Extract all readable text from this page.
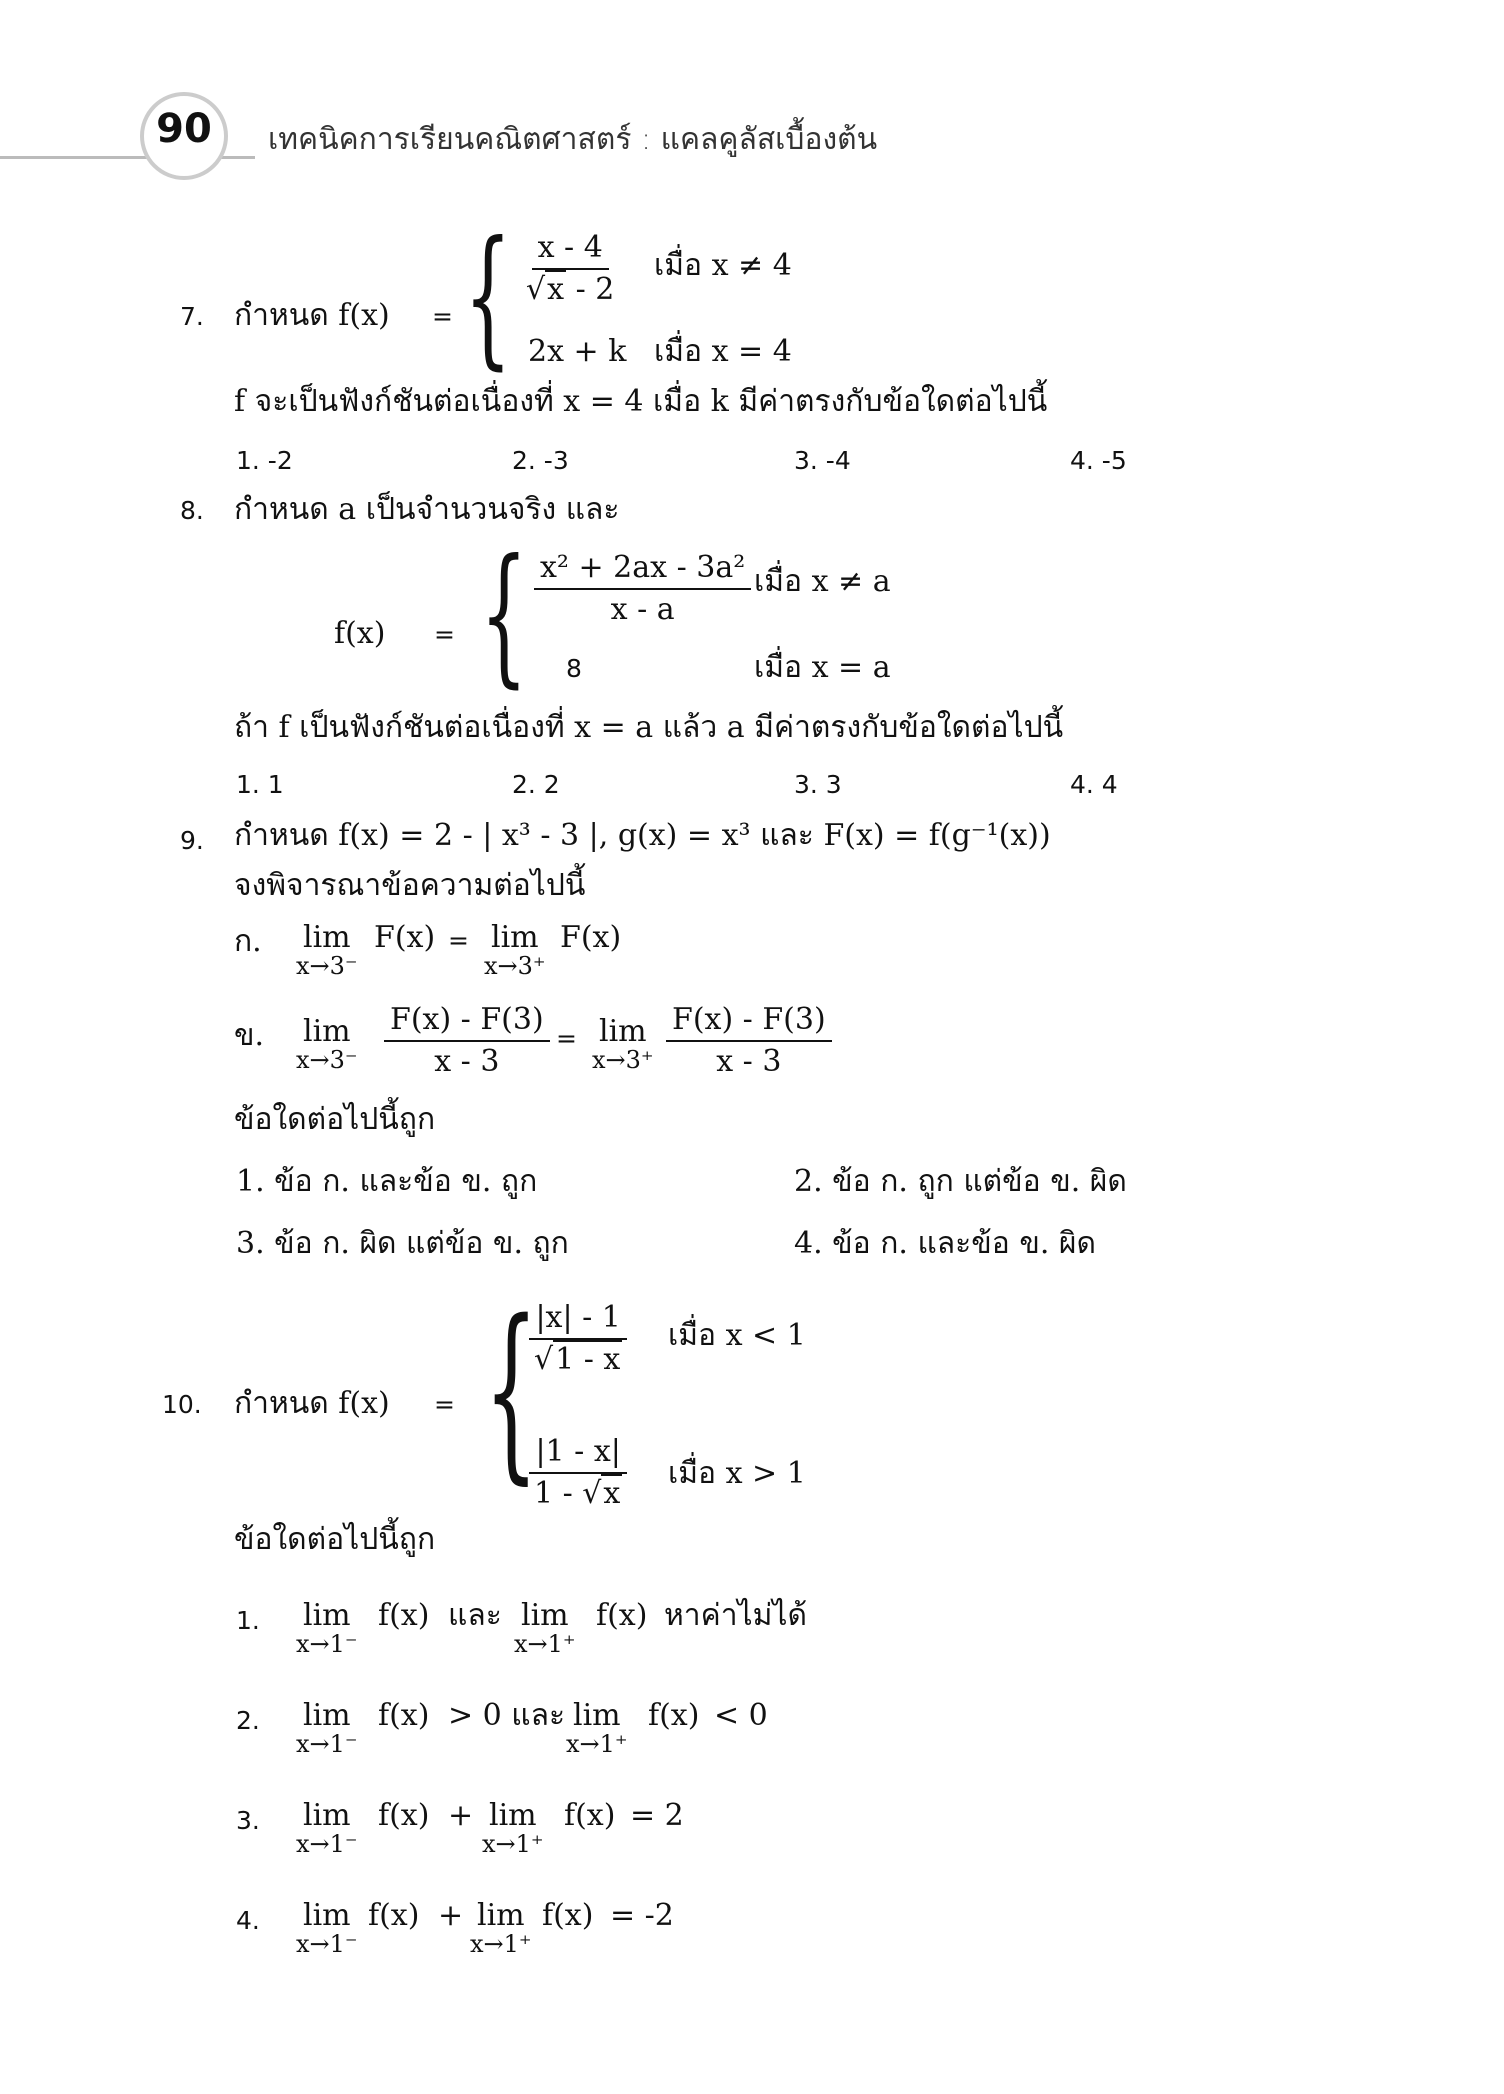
90	เทคนิคการเรียนคณิตศาสตร์ : แคลคูลัสเบื้องต้น
7. กำหนด f(x) = { $\frac{x - 4}{√x - 2}$ เมื่อ x ≠ 4
2x + k เมื่อ x = 4
f จะเป็นฟังก์ชันต่อเนื่องที่ x = 4 เมื่อ k มีค่าตรงกับข้อใดต่อไปนี้
1. -2	2. -3	3. -4	4. -5
8. กำหนด a เป็นจำนวนจริง และ
f(x) = { $\frac{\text{x² + 2ax - 3a²}}{x - a}$ เมื่อ x ≠ a
8	เมื่อ x = a
ถ้า f เป็นฟังก์ชันต่อเนื่องที่ x = a แล้ว a มีค่าตรงกับข้อใดต่อไปนี้
1. 1	2. 2	3. 3	4. 4
9. กำหนด f(x) = 2 - | x³ - 3 |, g(x) = x³ และ F(x) = f(g⁻¹(x))
จงพิจารณาข้อความต่อไปนี้
ก. lim
x→3⁻
F(x) = lim
x→3⁺
F(x)
ข. lim
$x\to 3^- \frac{F(x) - F(3)}{x - 3} = \lim$
$x\to 3^+ \frac{F(x) - F(3)}{x - 3}$
ข้อใดต่อไปนี้ถูก
1. ข้อ ก. และข้อ ข. ถูก	2. ข้อ ก. ถูก แต่ข้อ ข. ผิด
3. ข้อ ก. ผิด แต่ข้อ ข. ถูก	4. ข้อ ก. และข้อ ข. ผิด
10. กำหนด f(x) = {
$\frac{|x| - 1}{√1 - x}$ เมื่อ x < 1
$\frac{|1 - x|}{1 - √x}$ เมื่อ x > 1
ข้อใดต่อไปนี้ถูก
1. lim
x→1⁻
f(x) และ lim
x→1⁺
f(x) หาค่าไม่ได้
2. lim
x→1⁻
f(x) > 0 และ lim
x→1⁺
f(x) < 0
3. lim
x→1⁻
f(x) + lim
x→1⁺
f(x) = 2
4. lim
x→1⁻
f(x) + lim
x→1⁺
f(x) = -2
